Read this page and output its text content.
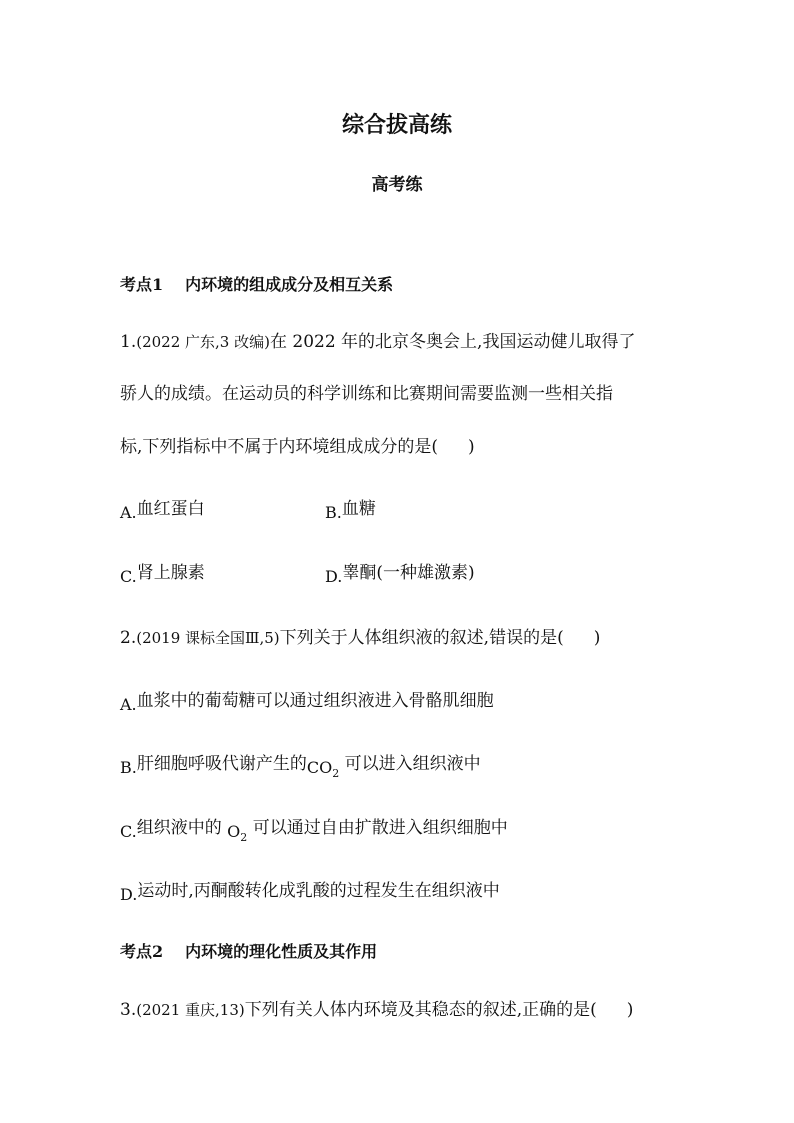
综合拔高练
高考练
考点1 内环境的组成成分及相互关系
1.(2022 广东,3 改编)在 2022 年的北京冬奥会上,我国运动健儿取得了
骄人的成绩。在运动员的科学训练和比赛期间需要监测一些相关指
标,下列指标中不属于内环境组成成分的是( )
A.血红蛋白	B.血糖
C.肾上腺素	D.睾酮(一种雄激素)
2.(2019 课标全国Ⅲ,5)下列关于人体组织液的叙述,错误的是( )
A.血浆中的葡萄糖可以通过组织液进入骨骼肌细胞
B.肝细胞呼吸代谢产生的$CO_2$ 可以进入组织液中
C.组织液中的 $O_2$ 可以通过自由扩散进入组织细胞中
D.运动时,丙酮酸转化成乳酸的过程发生在组织液中
考点2 内环境的理化性质及其作用
3.(2021 重庆,13)下列有关人体内环境及其稳态的叙述,正确的是( )
